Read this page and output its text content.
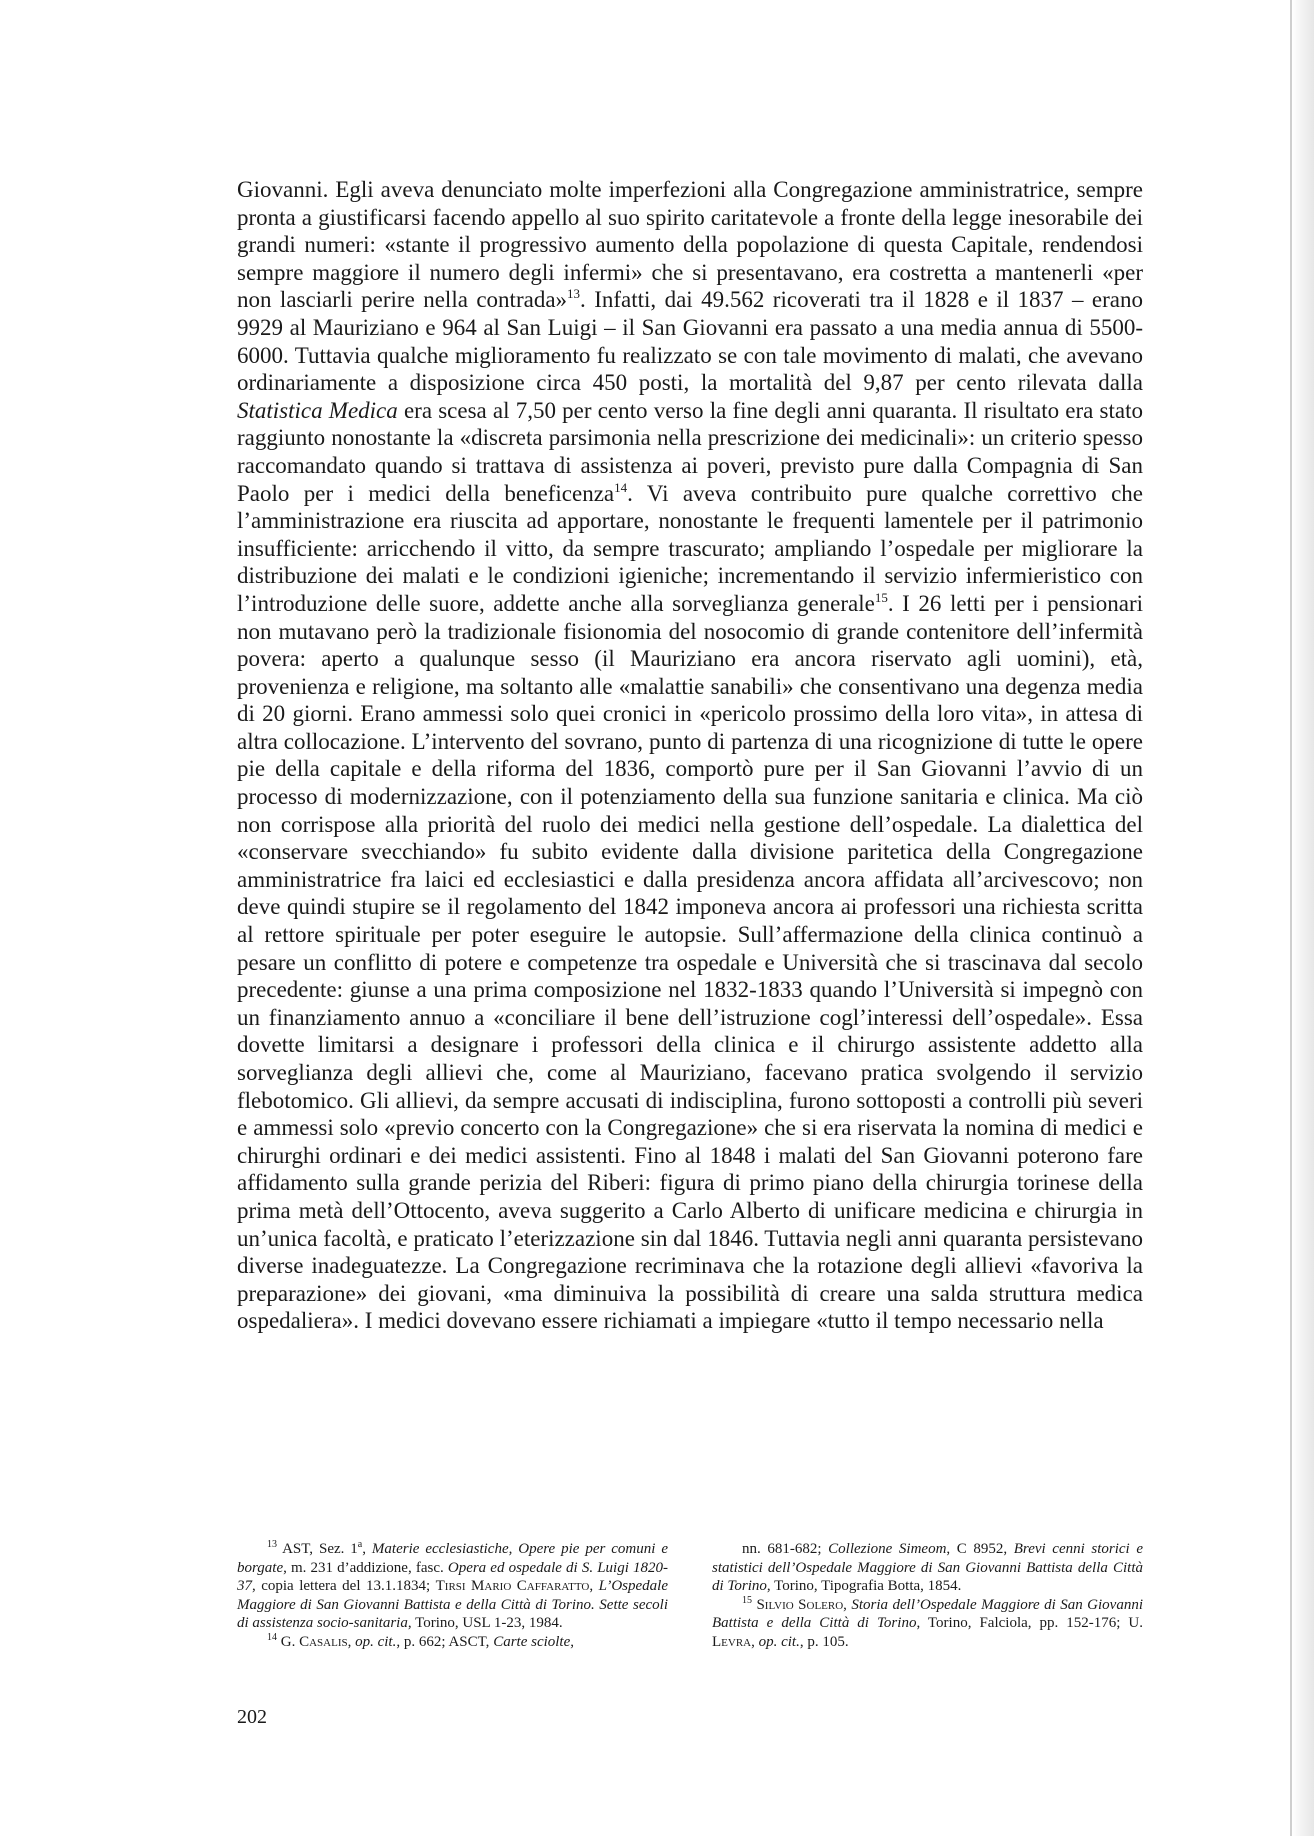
Giovanni. Egli aveva denunciato molte imperfezioni alla Congregazione amministratrice, sempre pronta a giustificarsi facendo appello al suo spirito caritatevole a fronte della legge inesorabile dei grandi numeri: «stante il progressivo aumento della popolazione di questa Capitale, rendendosi sempre maggiore il numero degli infermi» che si presentavano, era costretta a mantenerli «per non lasciarli perire nella contrada»$^{13}$. Infatti, dai 49.562 ricoverati tra il 1828 e il 1837 – erano 9929 al Mauriziano e 964 al San Luigi – il San Giovanni era passato a una media annua di 5500-6000. Tuttavia qualche miglioramento fu realizzato se con tale movimento di malati, che avevano ordinariamente a disposizione circa 450 posti, la mortalità del 9,87 per cento rilevata dalla Statistica Medica era scesa al 7,50 per cento verso la fine degli anni quaranta. Il risultato era stato raggiunto nonostante la «discreta parsimonia nella prescrizione dei medicinali»: un criterio spesso raccomandato quando si trattava di assistenza ai poveri, previsto pure dalla Compagnia di San Paolo per i medici della beneficenza$^{14}$. Vi aveva contribuito pure qualche correttivo che l’amministrazione era riuscita ad apportare, nonostante le frequenti lamentele per il patrimonio insufficiente: arricchendo il vitto, da sempre trascurato; ampliando l’ospedale per migliorare la distribuzione dei malati e le condizioni igieniche; incrementando il servizio infermieristico con l’introduzione delle suore, addette anche alla sorveglianza generale$^{15}$. I 26 letti per i pensionari non mutavano però la tradizionale fisionomia del nosocomio di grande contenitore dell’infermità povera: aperto a qualunque sesso (il Mauriziano era ancora riservato agli uomini), età, provenienza e religione, ma soltanto alle «malattie sanabili» che consentivano una degenza media di 20 giorni. Erano ammessi solo quei cronici in «pericolo prossimo della loro vita», in attesa di altra collocazione. L’intervento del sovrano, punto di partenza di una ricognizione di tutte le opere pie della capitale e della riforma del 1836, comportò pure per il San Giovanni l’avvio di un processo di modernizzazione, con il potenziamento della sua funzione sanitaria e clinica. Ma ciò non corrispose alla priorità del ruolo dei medici nella gestione dell’ospedale. La dialettica del «conservare svecchiando» fu subito evidente dalla divisione paritetica della Congregazione amministratrice fra laici ed ecclesiastici e dalla presidenza ancora affidata all’arcivescovo; non deve quindi stupire se il regolamento del 1842 imponeva ancora ai professori una richiesta scritta al rettore spirituale per poter eseguire le autopsie. Sull’affermazione della clinica continuò a pesare un conflitto di potere e competenze tra ospedale e Università che si trascinava dal secolo precedente: giunse a una prima composizione nel 1832-1833 quando l’Università si impegnò con un finanziamento annuo a «conciliare il bene dell’istruzione cogl’interessi dell’ospedale». Essa dovette limitarsi a designare i professori della clinica e il chirurgo assistente addetto alla sorveglianza degli allievi che, come al Mauriziano, facevano pratica svolgendo il servizio flebotomico. Gli allievi, da sempre accusati di indisciplina, furono sottoposti a controlli più severi e ammessi solo «previo concerto con la Congregazione» che si era riservata la nomina di medici e chirurghi ordinari e dei medici assistenti. Fino al 1848 i malati del San Giovanni poterono fare affidamento sulla grande perizia del Riberi: figura di primo piano della chirurgia torinese della prima metà dell’Ottocento, aveva suggerito a Carlo Alberto di unificare medicina e chirurgia in un’unica facoltà, e praticato l’eterizzazione sin dal 1846. Tuttavia negli anni quaranta persistevano diverse inadeguatezze. La Congregazione recriminava che la rotazione degli allievi «favoriva la preparazione» dei giovani, «ma diminuiva la possibilità di creare una salda struttura medica ospedaliera». I medici dovevano essere richiamati a impiegare «tutto il tempo necessario nella

$^{13}$ AST, Sez. 1$^a$, Materie ecclesiastiche, Opere pie per comuni e borgate, m. 231 d’addizione, fasc. Opera ed ospedale di S. Luigi 1820-37, copia lettera del 13.1.1834; Tirsi Mario Caffaratto, L’Ospedale Maggiore di San Giovanni Battista e della Città di Torino. Sette secoli di assistenza socio-sanitaria, Torino, USL 1-23, 1984.

$^{14}$ G. Casalis, op. cit., p. 662; ASCT, Carte sciolte,

nn. 681-682; Collezione Simeom, C 8952, Brevi cenni storici e statistici dell’Ospedale Maggiore di San Giovanni Battista della Città di Torino, Torino, Tipografia Botta, 1854.

$^{15}$ Silvio Solero, Storia dell’Ospedale Maggiore di San Giovanni Battista e della Città di Torino, Torino, Falciola, pp. 152-176; U. Levra, op. cit., p. 105.

202
